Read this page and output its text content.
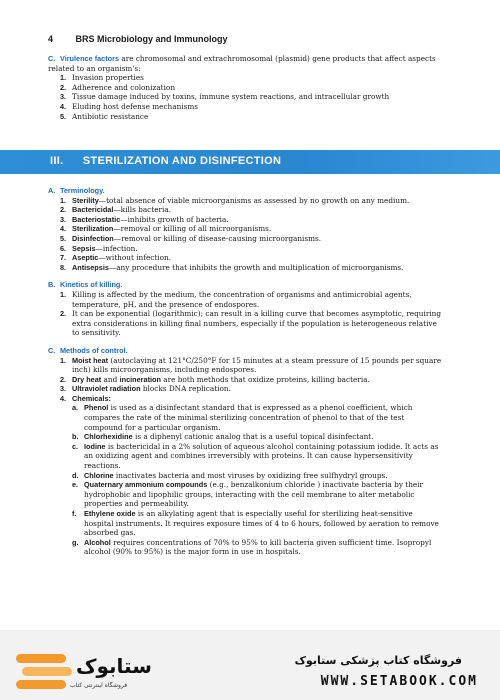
4	BRS Microbiology and Immunology
C. Virulence factors are chromosomal and extrachromosomal (plasmid) gene products that affect aspects related to an organism's:
1. Invasion properties
2. Adherence and colonization
3. Tissue damage induced by toxins, immune system reactions, and intracellular growth
4. Eluding host defense mechanisms
5. Antibiotic resistance
III. STERILIZATION AND DISINFECTION
A. Terminology.
1. Sterility—total absence of viable microorganisms as assessed by no growth on any medium.
2. Bactericidal—kills bacteria.
3. Bacteriostatic—inhibits growth of bacteria.
4. Sterilization—removal or killing of all microorganisms.
5. Disinfection—removal or killing of disease-causing microorganisms.
6. Sepsis—infection.
7. Aseptic—without infection.
8. Antisepsis—any procedure that inhibits the growth and multiplication of microorganisms.
B. Kinetics of killing.
1. Killing is affected by the medium, the concentration of organisms and antimicrobial agents, temperature, pH, and the presence of endospores.
2. It can be exponential (logarithmic); can result in a killing curve that becomes asymptotic, requiring extra considerations in killing final numbers, especially if the population is heterogeneous relative to sensitivity.
C. Methods of control.
1. Moist heat (autoclaving at 121°C/250°F for 15 minutes at a steam pressure of 15 pounds per square inch) kills microorganisms, including endospores.
2. Dry heat and incineration are both methods that oxidize proteins, killing bacteria.
3. Ultraviolet radiation blocks DNA replication.
4. Chemicals:
a. Phenol is used as a disinfectant standard that is expressed as a phenol coefficient, which compares the rate of the minimal sterilizing concentration of phenol to that of the test compound for a particular organism.
b. Chlorhexidine is a diphenyl cationic analog that is a useful topical disinfectant.
c. Iodine is bactericidal in a 2% solution of aqueous alcohol containing potassium iodide. It acts as an oxidizing agent and combines irreversibly with proteins. It can cause hypersensitivity reactions.
d. Chlorine inactivates bacteria and most viruses by oxidizing free sulfhydryl groups.
e. Quaternary ammonium compounds (e.g., benzalkonium chloride ) inactivate bacteria by their hydrophobic and lipophilic groups, interacting with the cell membrane to alter metabolic properties and permeability.
f.	Ethylene oxide is an alkylating agent that is especially useful for sterilizing heat-sensitive hospital instruments. It requires exposure times of 4 to 6 hours, followed by aeration to remove absorbed gas.
g. Alcohol requires concentrations of 70% to 95% to kill bacteria given sufficient time. Isopropyl alcohol (90% to 95%) is the major form in use in hospitals.
ستابوک
فروشگاه اینترنتی کتاب
فروشگاه کتاب پزشکی ستابوک
WWW.SETABOOK.COM
